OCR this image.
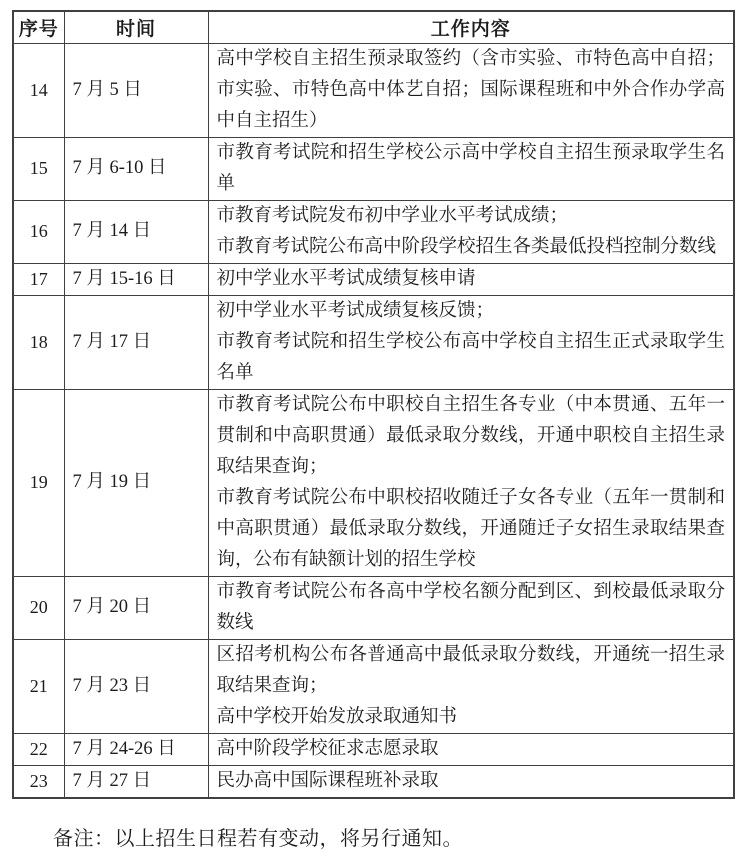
序号	时间	工作内容
14	7 月 5 日	高中学校自主招生预录取签约（含市实验、市特色高中自招；市实验、市特色高中体艺自招；国际课程班和中外合作办学高中自主招生）

15	7 月 6-10 日	市教育考试院和招生学校公示高中学校自主招生预录取学生名单

16	7 月 14 日	市教育考试院发布初中学业水平考试成绩；

市教育考试院公布高中阶段学校招生各类最低投档控制分数线

17	7 月 15-16 日	初中学业水平考试成绩复核申请

18	7 月 17 日	初中学业水平考试成绩复核反馈；

市教育考试院和招生学校公布高中学校自主招生正式录取学生名单

19	7 月 19 日	市教育考试院公布中职校自主招生各专业（中本贯通、五年一贯制和中高职贯通）最低录取分数线，开通中职校自主招生录取结果查询；

市教育考试院公布中职校招收随迁子女各专业（五年一贯制和中高职贯通）最低录取分数线，开通随迁子女招生录取结果查询，公布有缺额计划的招生学校

20	7 月 20 日	市教育考试院公布各高中学校名额分配到区、到校最低录取分数线

21	7 月 23 日	区招考机构公布各普通高中最低录取分数线，开通统一招生录取结果查询；

高中学校开始发放录取通知书

22	7 月 24-26 日	高中阶段学校征求志愿录取

23	7 月 27 日	民办高中国际课程班补录取

备注：以上招生日程若有变动，将另行通知。
